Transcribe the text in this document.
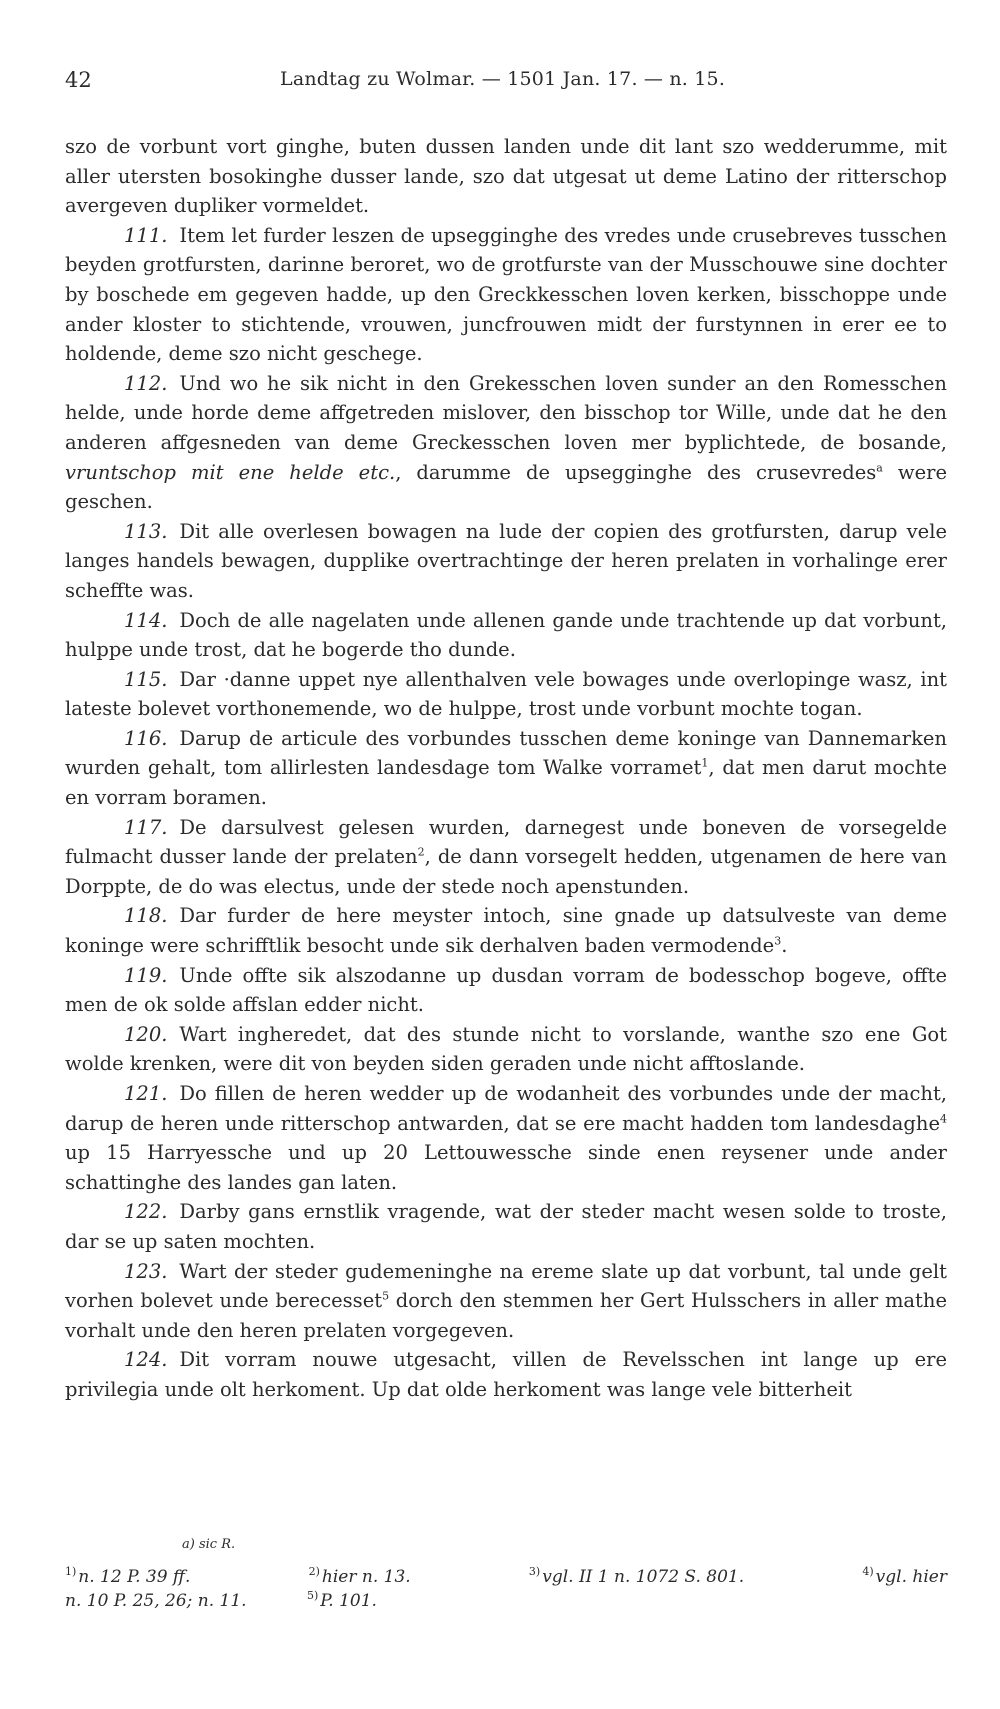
42	Landtag zu Wolmar. — 1501 Jan. 17. — n. 15.

szo de vorbunt vort ginghe, buten dussen landen unde dit lant szo wedderumme, mit aller utersten bosokinghe dusser lande, szo dat utgesat ut deme Latino der ritterschop avergeven dupliker vormeldet.

111. Item let furder leszen de upsegginghe des vredes unde crusebreves tusschen beyden grotfursten, darinne beroret, wo de grotfurste van der Musschouwe sine dochter by boschede em gegeven hadde, up den Greckkesschen loven kerken, bisschoppe unde ander kloster to stichtende, vrouwen, juncfrouwen midt der furstynnen in erer ee to holdende, deme szo nicht geschege.

112. Und wo he sik nicht in den Grekesschen loven sunder an den Romesschen helde, unde horde deme affgetreden mislover, den bisschop tor Wille, unde dat he den anderen affgesneden van deme Greckesschen loven mer byplichtede, de bosande, vruntschop mit ene helde etc., darumme de upsegginghe des crusevredes$^a$ were geschen.

113. Dit alle overlesen bowagen na lude der copien des grotfursten, darup vele langes handels bewagen, dupplike overtrachtinge der heren prelaten in vorhalinge erer scheffte was.

114. Doch de alle nagelaten unde allenen gande unde trachtende up dat vorbunt, hulppe unde trost, dat he bogerde tho dunde.

115. Dar ·danne uppet nye allenthalven vele bowages unde overlopinge wasz, int lateste bolevet vorthonemende, wo de hulppe, trost unde vorbunt mochte togan.

116. Darup de articule des vorbundes tusschen deme koninge van Dannemarken wurden gehalt, tom allirlesten landesdage tom Walke vorramet$^1$, dat men darut mochte en vorram boramen.

117. De darsulvest gelesen wurden, darnegest unde boneven de vorsegelde fulmacht dusser lande der prelaten$^2$, de dann vorsegelt hedden, utgenamen de here van Dorppte, de do was electus, unde der stede noch apenstunden.

118. Dar furder de here meyster intoch, sine gnade up datsulveste van deme koninge were schrifftlik besocht unde sik derhalven baden vermodende$^3$.

119. Unde offte sik alszodanne up dusdan vorram de bodesschop bogeve, offte men de ok solde affslan edder nicht.

120. Wart ingheredet, dat des stunde nicht to vorslande, wanthe szo ene Got wolde krenken, were dit von beyden siden geraden unde nicht afftoslande.

121. Do fillen de heren wedder up de wodanheit des vorbundes unde der macht, darup de heren unde ritterschop antwarden, dat se ere macht hadden tom landesdaghe$^4$ up 15 Harryessche und up 20 Lettouwessche sinde enen reysener unde ander schattinghe des landes gan laten.

122. Darby gans ernstlik vragende, wat der steder macht wesen solde to troste, dar se up saten mochten.

123. Wart der steder gudemeninghe na ereme slate up dat vorbunt, tal unde gelt vorhen bolevet unde berecesset$^5$ dorch den stemmen her Gert Hulsschers in aller mathe vorhalt unde den heren prelaten vorgegeven.

124. Dit vorram nouwe utgesacht, villen de Revelsschen int lange up ere privilegia unde olt herkoment. Up dat olde herkoment was lange vele bitterheit

a) sic R.
$^{1)}$ n. 12 P. 39 ff.	$^{2)}$ hier n. 13.	$^{3)}$ vgl. II 1 n. 1072 S. 801.	$^{4)}$ vgl. hier
n. 10 P. 25, 26; n. 11.	$^{5)}$ P. 101.
